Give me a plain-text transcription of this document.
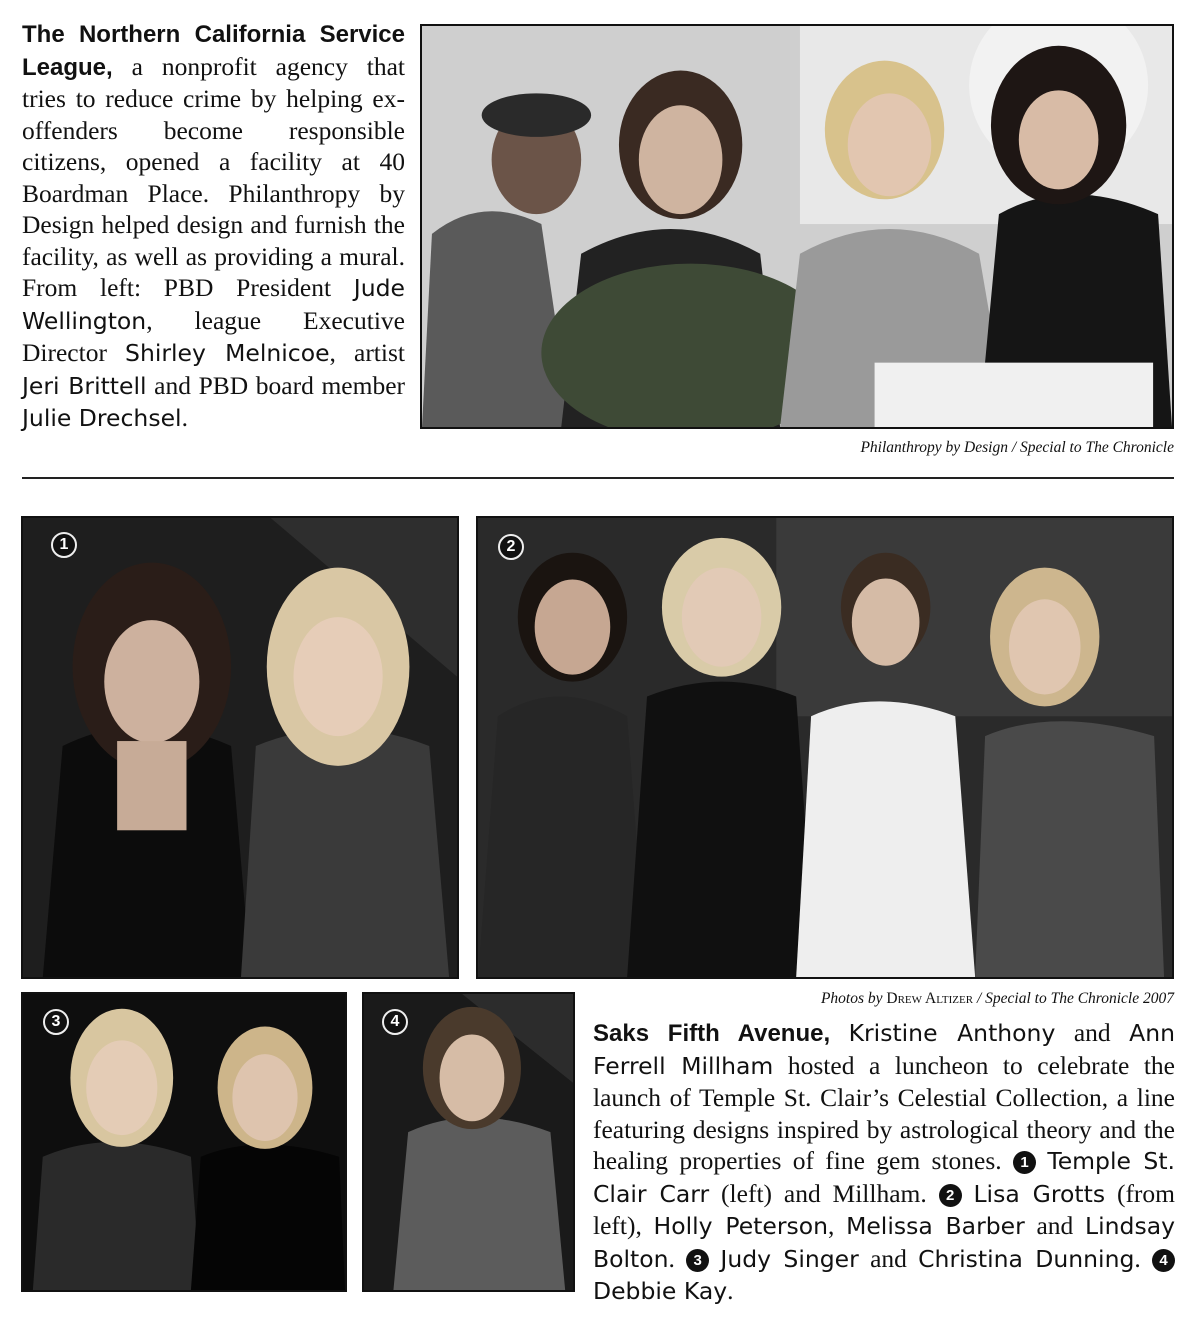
The Northern California Service League, a nonprofit agency that tries to reduce crime by helping ex-offenders become responsible citizens, opened a facility at 40 Boardman Place. Philanthropy by Design helped design and furnish the facility, as well as providing a mural. From left: PBD President Jude Wellington, league Executive Director Shirley Melnicoe, artist Jeri Brittell and PBD board member Julie Drechsel.
Philanthropy by Design / Special to The Chronicle
1	2
Photos by Drew Altizer / Special to The Chronicle 2007
3	4	Saks Fifth Avenue, Kristine Anthony and Ann Ferrell Millham hosted a luncheon to celebrate the launch of Temple St. Clair’s Celestial Collection, a line featuring designs inspired by astrological theory and the healing properties of fine gem stones. 1 Temple St. Clair Carr (left) and Millham. 2 Lisa Grotts (from left), Holly Peterson, Melissa Barber and Lindsay Bolton. 3 Judy Singer and Christina Dunning. 4 Debbie Kay.
